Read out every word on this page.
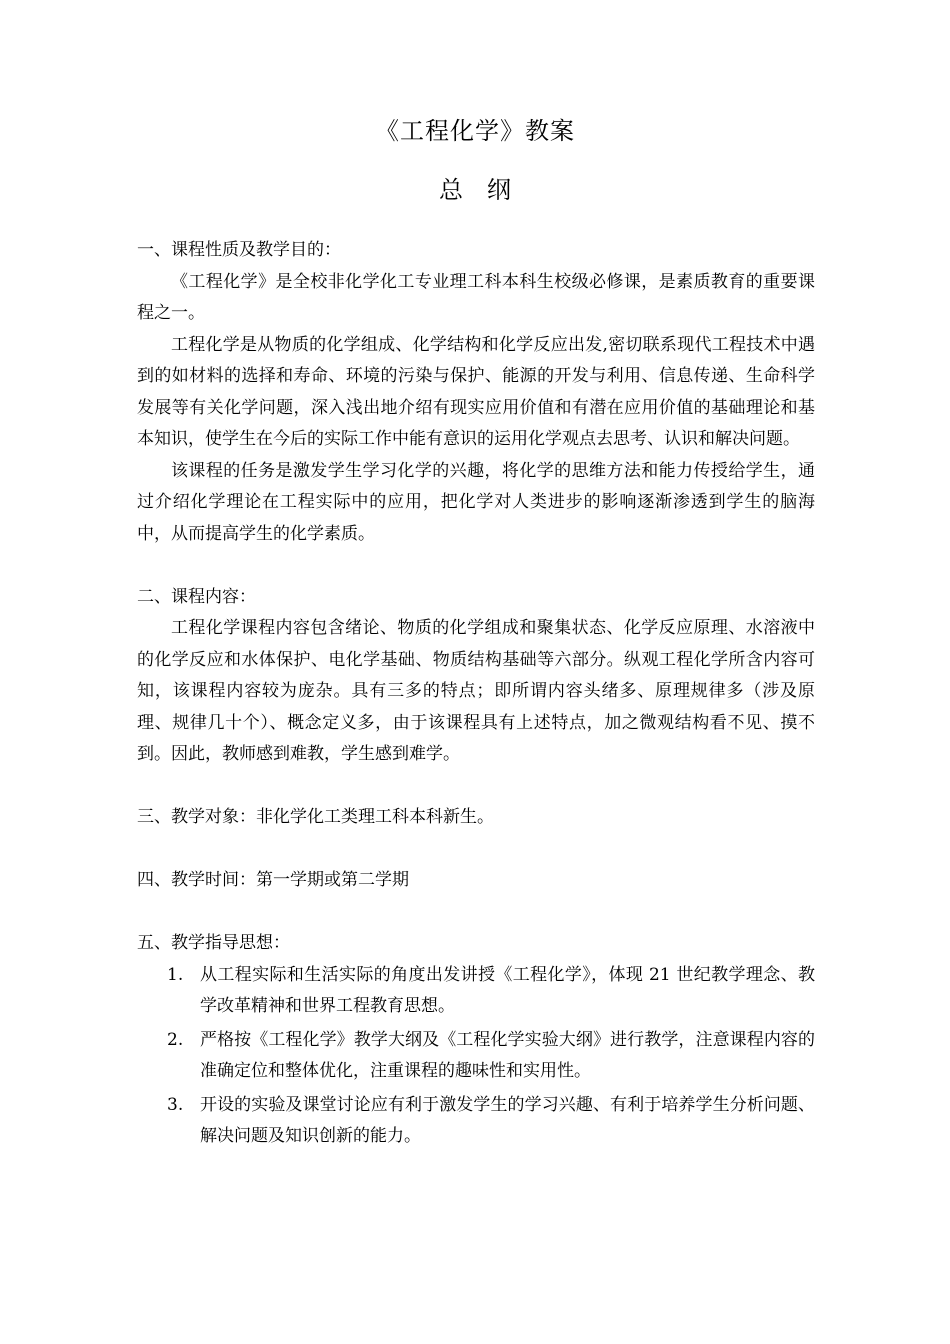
《工程化学》教案
总　纲

一、课程性质及教学目的：

《工程化学》是全校非化学化工专业理工科本科生校级必修课，是素质教育的重要课程之一。

工程化学是从物质的化学组成、化学结构和化学反应出发,密切联系现代工程技术中遇到的如材料的选择和寿命、环境的污染与保护、能源的开发与利用、信息传递、生命科学发展等有关化学问题，深入浅出地介绍有现实应用价值和有潜在应用价值的基础理论和基本知识，使学生在今后的实际工作中能有意识的运用化学观点去思考、认识和解决问题。

该课程的任务是激发学生学习化学的兴趣，将化学的思维方法和能力传授给学生，通过介绍化学理论在工程实际中的应用，把化学对人类进步的影响逐渐渗透到学生的脑海中，从而提高学生的化学素质。

二、课程内容：

工程化学课程内容包含绪论、物质的化学组成和聚集状态、化学反应原理、水溶液中的化学反应和水体保护、电化学基础、物质结构基础等六部分。纵观工程化学所含内容可知，该课程内容较为庞杂。具有三多的特点；即所谓内容头绪多、原理规律多（涉及原理、规律几十个）、概念定义多，由于该课程具有上述特点，加之微观结构看不见、摸不到。因此，教师感到难教，学生感到难学。

三、教学对象：非化学化工类理工科本科新生。

四、教学时间：第一学期或第二学期

五、教学指导思想：

1. 从工程实际和生活实际的角度出发讲授《工程化学》，体现 21 世纪教学理念、教学改革精神和世界工程教育思想。
2. 严格按《工程化学》教学大纲及《工程化学实验大纲》进行教学，注意课程内容的准确定位和整体优化，注重课程的趣味性和实用性。
3. 开设的实验及课堂讨论应有利于激发学生的学习兴趣、有利于培养学生分析问题、解决问题及知识创新的能力。
